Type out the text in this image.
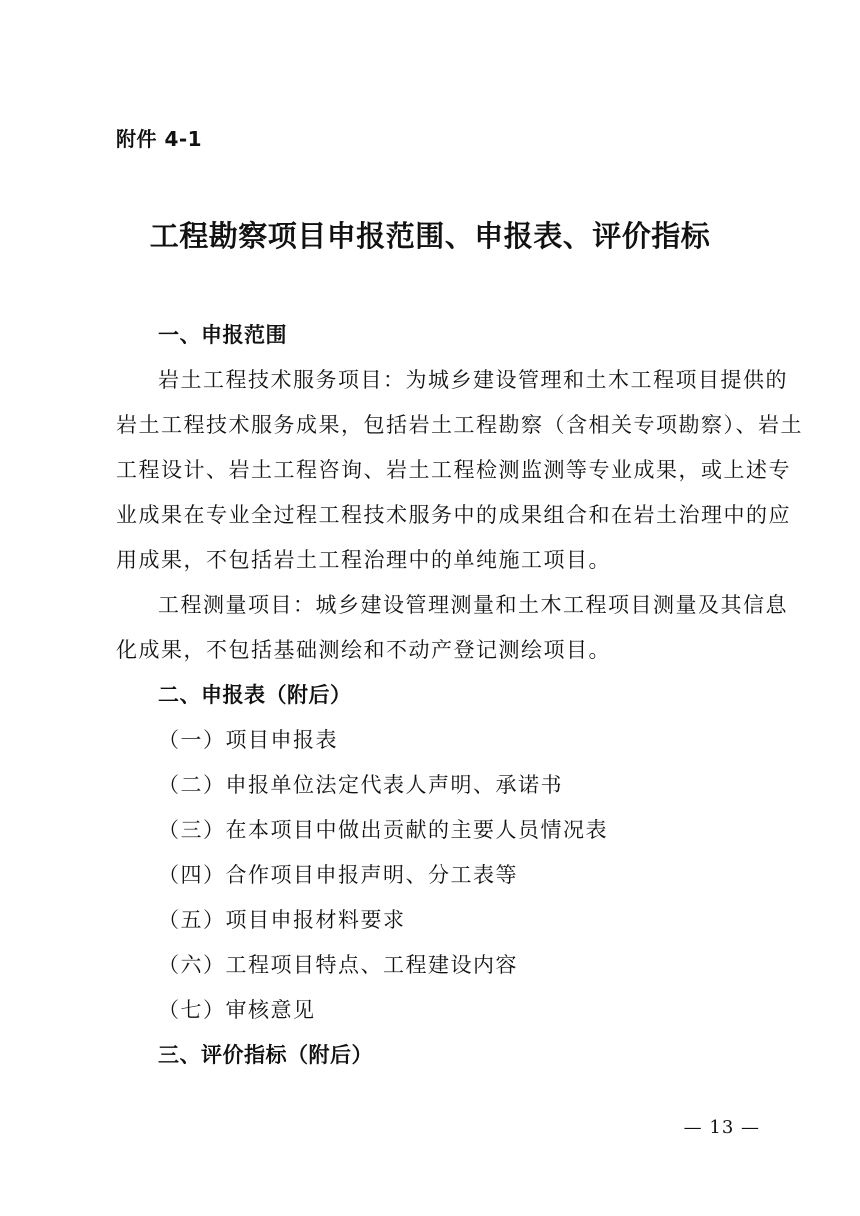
附件 4-1
工程勘察项目申报范围、申报表、评价指标
一、申报范围
岩土工程技术服务项目：为城乡建设管理和土木工程项目提供的
岩土工程技术服务成果，包括岩土工程勘察（含相关专项勘察）、岩土
工程设计、岩土工程咨询、岩土工程检测监测等专业成果，或上述专
业成果在专业全过程工程技术服务中的成果组合和在岩土治理中的应
用成果，不包括岩土工程治理中的单纯施工项目。
工程测量项目：城乡建设管理测量和土木工程项目测量及其信息
化成果，不包括基础测绘和不动产登记测绘项目。
二、申报表（附后）
（一）项目申报表
（二）申报单位法定代表人声明、承诺书
（三）在本项目中做出贡献的主要人员情况表
（四）合作项目申报声明、分工表等
（五）项目申报材料要求
（六）工程项目特点、工程建设内容
（七）审核意见
三、评价指标（附后）
— 13 —
